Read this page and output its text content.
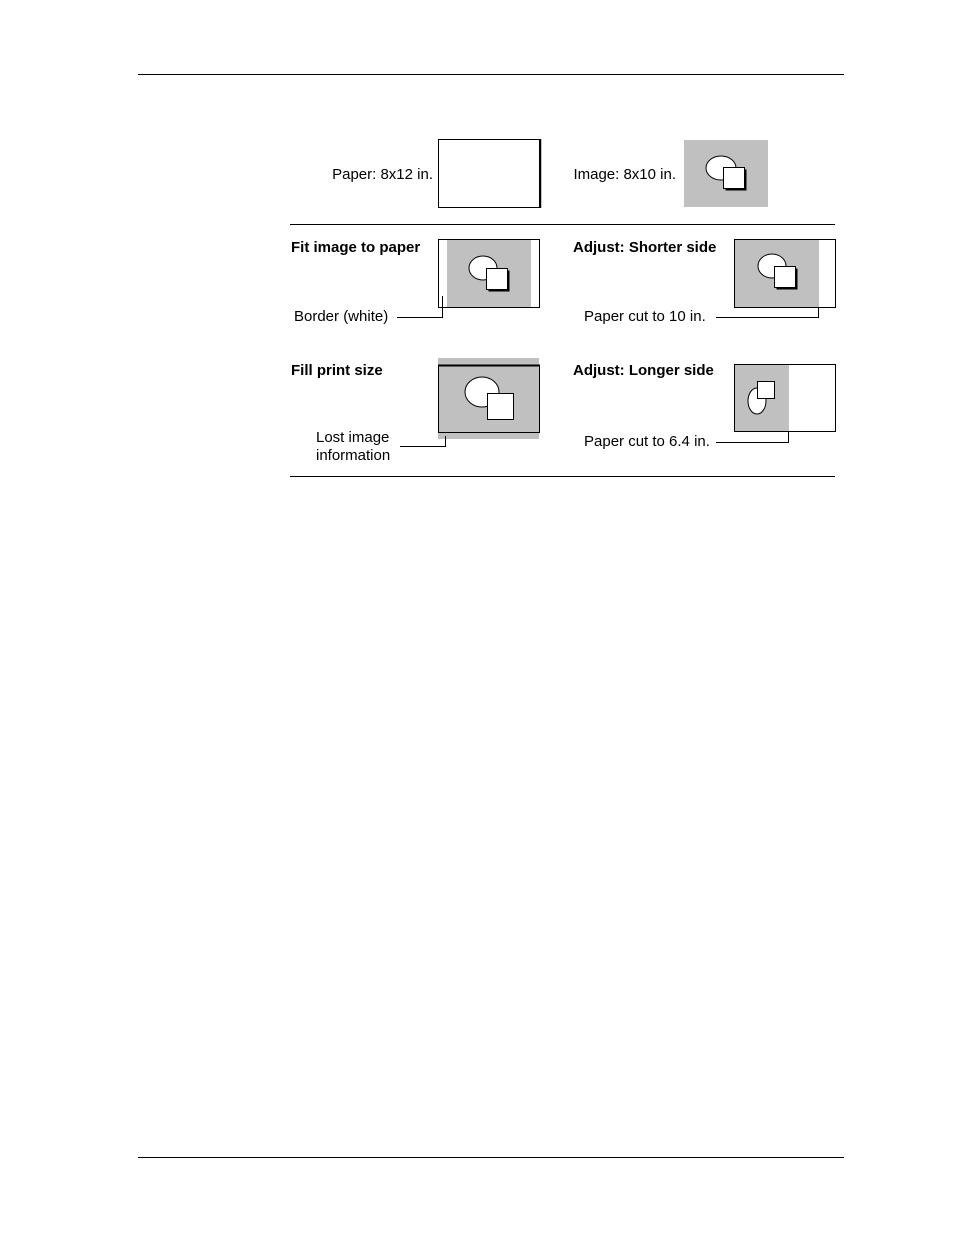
Paper: 8x12 in.	Image: 8x10 in.
Fit image to paper
Border (white)
Adjust: Shorter side
Paper cut to 10 in.
Fill print size
Lost image
information
Adjust: Longer side
Paper cut to 6.4 in.
